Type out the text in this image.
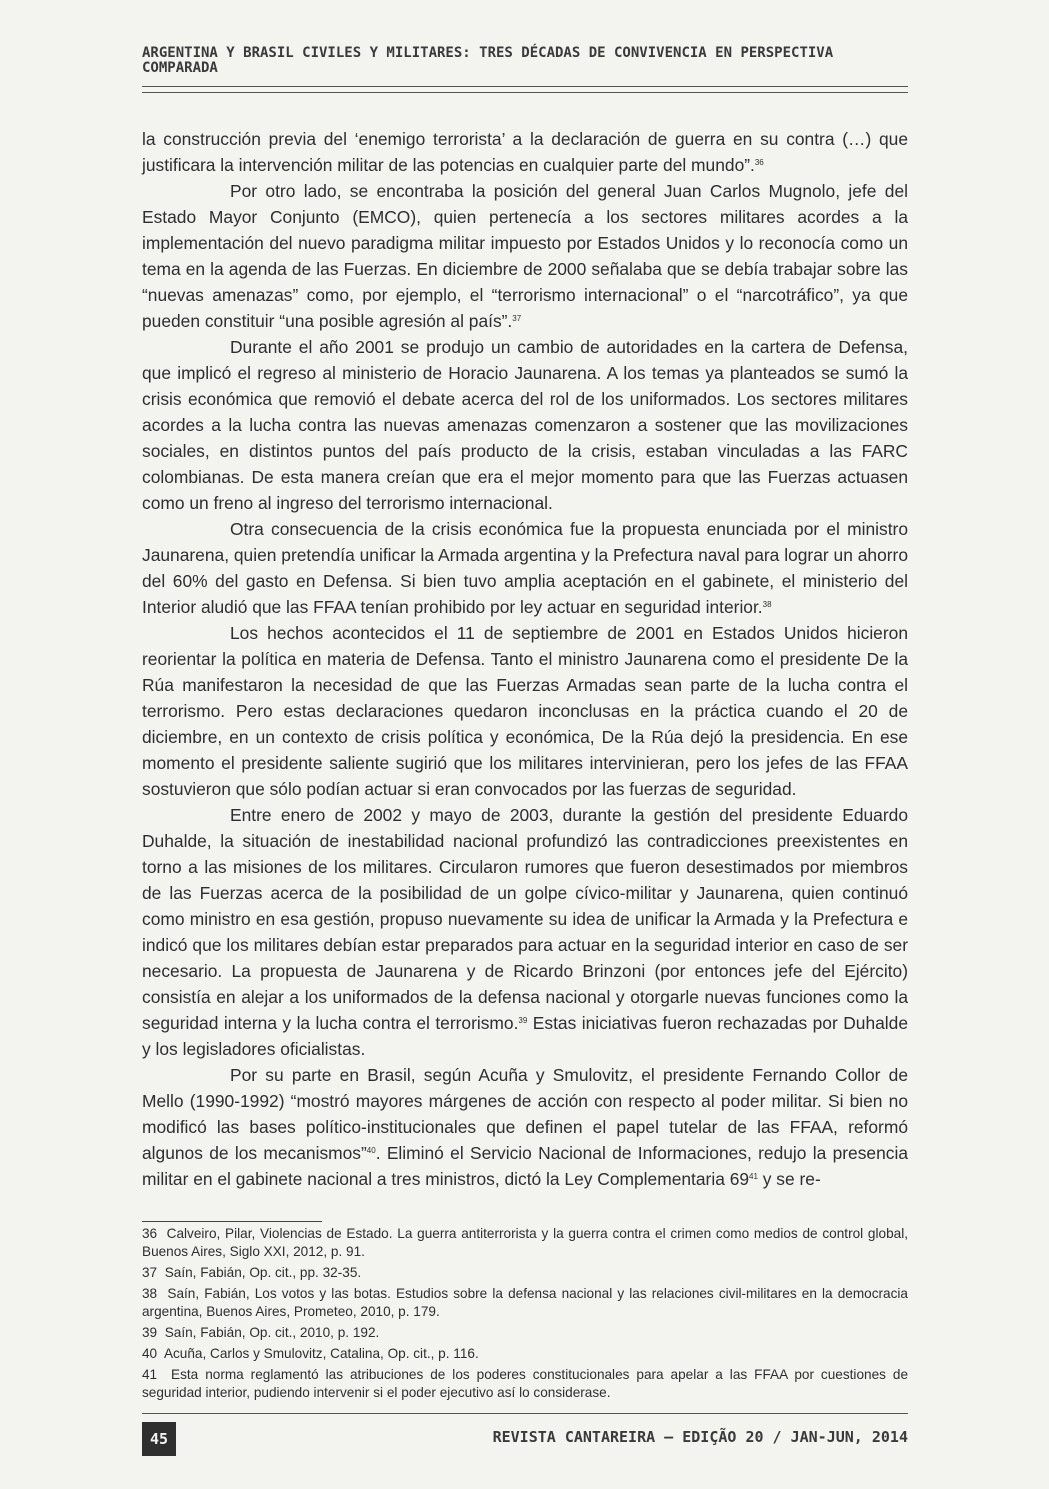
ARGENTINA Y BRASIL CIVILES Y MILITARES: TRES DÉCADAS DE CONVIVENCIA EN PERSPECTIVA COMPARADA

la construcción previa del ‘enemigo terrorista’ a la declaración de guerra en su contra (…) que justificara la intervención militar de las potencias en cualquier parte del mundo”.$^{36}$

Por otro lado, se encontraba la posición del general Juan Carlos Mugnolo, jefe del Estado Mayor Conjunto (EMCO), quien pertenecía a los sectores militares acordes a la implementación del nuevo paradigma militar impuesto por Estados Unidos y lo reconocía como un tema en la agenda de las Fuerzas. En diciembre de 2000 señalaba que se debía trabajar sobre las “nuevas amenazas” como, por ejemplo, el “terrorismo internacional” o el “narcotráfico”, ya que pueden constituir “una posible agresión al país”.$^{37}$

Durante el año 2001 se produjo un cambio de autoridades en la cartera de Defensa, que implicó el regreso al ministerio de Horacio Jaunarena. A los temas ya planteados se sumó la crisis económica que removió el debate acerca del rol de los uniformados. Los sectores militares acordes a la lucha contra las nuevas amenazas comenzaron a sostener que las movilizaciones sociales, en distintos puntos del país producto de la crisis, estaban vinculadas a las FARC colombianas. De esta manera creían que era el mejor momento para que las Fuerzas actuasen como un freno al ingreso del terrorismo internacional.

Otra consecuencia de la crisis económica fue la propuesta enunciada por el ministro Jaunarena, quien pretendía unificar la Armada argentina y la Prefectura naval para lograr un ahorro del 60% del gasto en Defensa. Si bien tuvo amplia aceptación en el gabinete, el ministerio del Interior aludió que las FFAA tenían prohibido por ley actuar en seguridad interior.$^{38}$

Los hechos acontecidos el 11 de septiembre de 2001 en Estados Unidos hicieron reorientar la política en materia de Defensa. Tanto el ministro Jaunarena como el presidente De la Rúa manifestaron la necesidad de que las Fuerzas Armadas sean parte de la lucha contra el terrorismo. Pero estas declaraciones quedaron inconclusas en la práctica cuando el 20 de diciembre, en un contexto de crisis política y económica, De la Rúa dejó la presidencia. En ese momento el presidente saliente sugirió que los militares intervinieran, pero los jefes de las FFAA sostuvieron que sólo podían actuar si eran convocados por las fuerzas de seguridad.

Entre enero de 2002 y mayo de 2003, durante la gestión del presidente Eduardo Duhalde, la situación de inestabilidad nacional profundizó las contradicciones preexistentes en torno a las misiones de los militares. Circularon rumores que fueron desestimados por miembros de las Fuerzas acerca de la posibilidad de un golpe cívico-militar y Jaunarena, quien continuó como ministro en esa gestión, propuso nuevamente su idea de unificar la Armada y la Prefectura e indicó que los militares debían estar preparados para actuar en la seguridad interior en caso de ser necesario. La propuesta de Jaunarena y de Ricardo Brinzoni (por entonces jefe del Ejército) consistía en alejar a los uniformados de la defensa nacional y otorgarle nuevas funciones como la seguridad interna y la lucha contra el terrorismo.$^{39}$ Estas iniciativas fueron rechazadas por Duhalde y los legisladores oficialistas.

Por su parte en Brasil, según Acuña y Smulovitz, el presidente Fernando Collor de Mello (1990-1992) “mostró mayores márgenes de acción con respecto al poder militar. Si bien no modificó las bases político-institucionales que definen el papel tutelar de las FFAA, reformó algunos de los mecanismos”$^{40}$. Eliminó el Servicio Nacional de Informaciones, redujo la presencia militar en el gabinete nacional a tres ministros, dictó la Ley Complementaria $69^{41}$ y se re-

36 Calveiro, Pilar, Violencias de Estado. La guerra antiterrorista y la guerra contra el crimen como medios de control global, Buenos Aires, Siglo XXI, 2012, p. 91.

37 Saín, Fabián, Op. cit., pp. 32-35.

38 Saín, Fabián, Los votos y las botas. Estudios sobre la defensa nacional y las relaciones civil-militares en la democracia argentina, Buenos Aires, Prometeo, 2010, p. 179.

39 Saín, Fabián, Op. cit., 2010, p. 192.

40 Acuña, Carlos y Smulovitz, Catalina, Op. cit., p. 116.

41 Esta norma reglamentó las atribuciones de los poderes constitucionales para apelar a las FFAA por cuestiones de seguridad interior, pudiendo intervenir si el poder ejecutivo así lo considerase.

45	REVISTA CANTAREIRA – EDIÇÃO 20 / JAN-JUN, 2014
